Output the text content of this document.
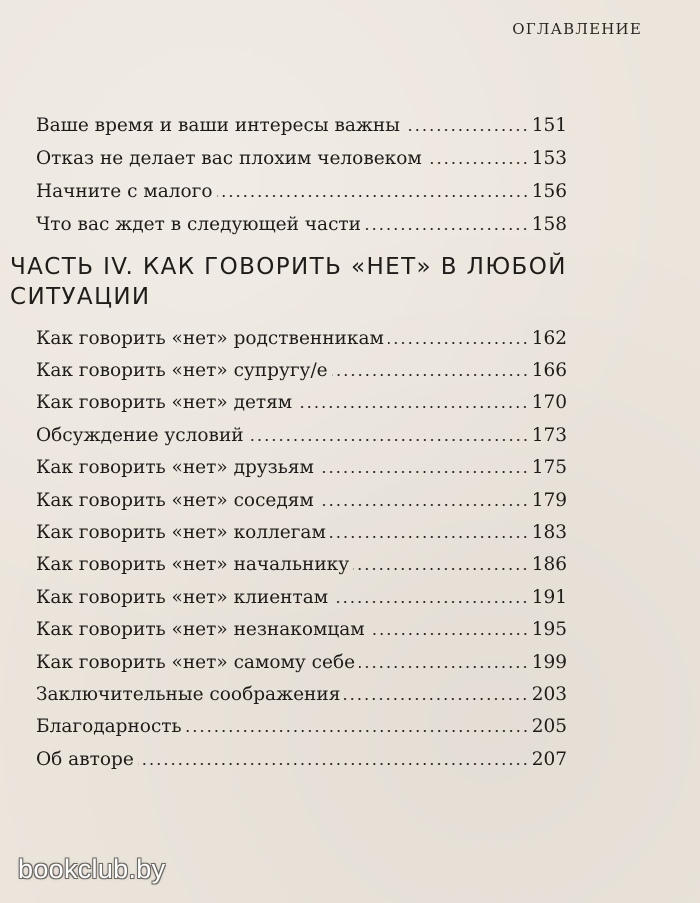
ОГЛАВЛЕНИЕ
Ваше время и ваши интересы важны	151
Отказ не делает вас плохим человеком	153
Начните с малого	156
Что вас ждет в следующей части	158
ЧАСТЬ IV. КАК ГОВОРИТЬ «НЕТ» В ЛЮБОЙ
СИТУАЦИИ
Как говорить «нет» родственникам	162
Как говорить «нет» супругу/е	166
Как говорить «нет» детям	170
Обсуждение условий	173
Как говорить «нет» друзьям	175
Как говорить «нет» соседям	179
Как говорить «нет» коллегам	183
Как говорить «нет» начальнику	186
Как говорить «нет» клиентам	191
Как говорить «нет» незнакомцам	195
Как говорить «нет» самому себе	199
Заключительные соображения	203
Благодарность	205
Об авторе	207
bookclub.by
